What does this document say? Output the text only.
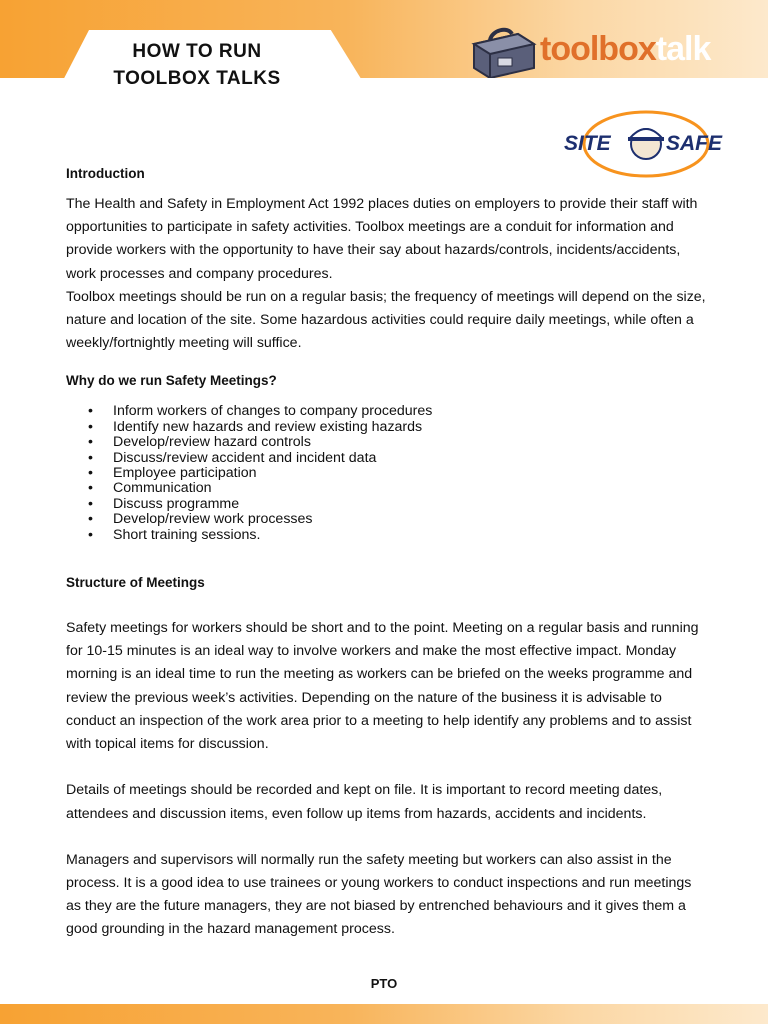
HOW TO RUN
TOOLBOX TALKS
toolboxtalk
SITE	SAFE
Introduction

The Health and Safety in Employment Act 1992 places duties on employers to provide their staff with opportunities to participate in safety activities. Toolbox meetings are a conduit for information and provide workers with the opportunity to have their say about hazards/controls, incidents/accidents, work processes and company procedures.

Toolbox meetings should be run on a regular basis; the frequency of meetings will depend on the size, nature and location of the site. Some hazardous activities could require daily meetings, while often a weekly/fortnightly meeting will suffice.

Why do we run Safety Meetings?
• Inform workers of changes to company procedures
• Identify new hazards and review existing hazards
• Develop/review hazard controls
• Discuss/review accident and incident data
• Employee participation
• Communication
• Discuss programme
• Develop/review work processes
• Short training sessions.
Structure of Meetings

Safety meetings for workers should be short and to the point. Meeting on a regular basis and running for 10-15 minutes is an ideal way to involve workers and make the most effective impact. Monday morning is an ideal time to run the meeting as workers can be briefed on the weeks programme and review the previous week’s activities. Depending on the nature of the business it is advisable to conduct an inspection of the work area prior to a meeting to help identify any problems and to assist with topical items for discussion.

Details of meetings should be recorded and kept on file. It is important to record meeting dates, attendees and discussion items, even follow up items from hazards, accidents and incidents.

Managers and supervisors will normally run the safety meeting but workers can also assist in the process. It is a good idea to use trainees or young workers to conduct inspections and run meetings as they are the future managers, they are not biased by entrenched behaviours and it gives them a good grounding in the hazard management process.

PTO
